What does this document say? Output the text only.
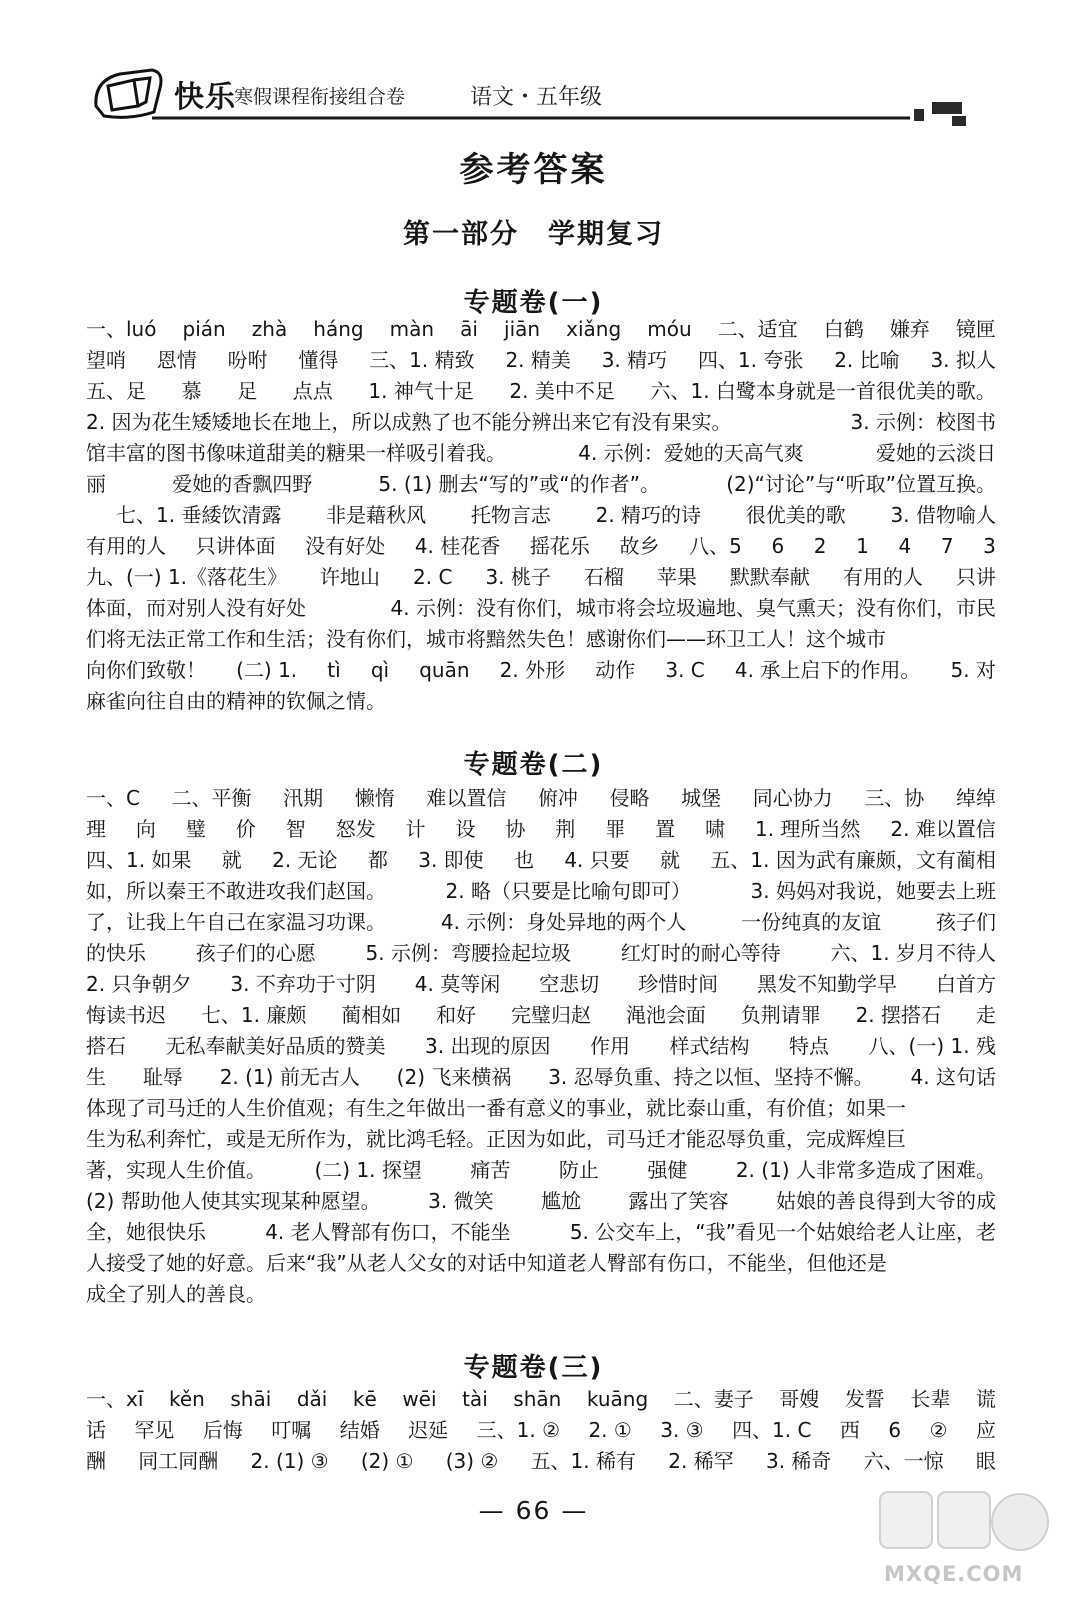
快乐
寒假课程衔接组合卷	语文・五年级
参考答案
第一部分　学期复习
专题卷(一)
一、luó pián zhà háng màn āi jiān xiǎng móu 二、适宜 白鹤 嫌弃 镜匣
望哨 恩情 吩咐 懂得 三、1. 精致 2. 精美 3. 精巧 四、1. 夸张 2. 比喻 3. 拟人
五、足 慕 足 点点 1. 神气十足 2. 美中不足 六、1. 白鹭本身就是一首很优美的歌。
2. 因为花生矮矮地长在地上，所以成熟了也不能分辨出来它有没有果实。	3. 示例：校图书
馆丰富的图书像味道甜美的糖果一样吸引着我。	4. 示例：爱她的天高气爽	爱她的云淡日
丽	爱她的香飘四野	5. (1) 删去“写的”或“的作者”。	(2)“讨论”与“听取”位置互换。
七、1. 垂緌饮清露 非是藉秋风 托物言志 2. 精巧的诗 很优美的歌 3. 借物喻人
有用的人 只讲体面 没有好处 4. 桂花香 摇花乐 故乡 八、5 6 2 1 4 7 3
九、(一) 1.《落花生》 许地山 2. C 3. 桃子 石榴 苹果 默默奉献 有用的人 只讲
体面，而对别人没有好处	4. 示例：没有你们，城市将会垃圾遍地、臭气熏天；没有你们，市民
们将无法正常工作和生活；没有你们，城市将黯然失色！感谢你们——环卫工人！这个城市
向你们致敬！ (二) 1. tì qì quān 2. 外形 动作 3. C 4. 承上启下的作用。 5. 对
麻雀向往自由的精神的钦佩之情。
专题卷(二)
一、C 二、平衡 汛期 懒惰 难以置信 俯冲 侵略 城堡 同心协力 三、协 绰绰
理 向 璧 价 智 怒发 计 设 协 荆 罪 置 啸 1. 理所当然 2. 难以置信
四、1. 如果 就 2. 无论 都 3. 即使 也 4. 只要 就 五、1. 因为武有廉颇，文有蔺相
如，所以秦王不敢进攻我们赵国。	2. 略（只要是比喻句即可）	3. 妈妈对我说，她要去上班
了，让我上午自己在家温习功课。	4. 示例：身处异地的两个人	一份纯真的友谊	孩子们
的快乐 孩子们的心愿 5. 示例：弯腰捡起垃圾 红灯时的耐心等待 六、1. 岁月不待人
2. 只争朝夕 3. 不弃功于寸阴 4. 莫等闲 空悲切 珍惜时间 黑发不知勤学早 白首方
悔读书迟 七、1. 廉颇 蔺相如 和好 完璧归赵 渑池会面 负荆请罪 2. 摆搭石 走
搭石 无私奉献美好品质的赞美 3. 出现的原因 作用 样式结构 特点 八、(一) 1. 残
生 耻辱 2. (1) 前无古人 (2) 飞来横祸 3. 忍辱负重、持之以恒、坚持不懈。 4. 这句话
体现了司马迁的人生价值观；有生之年做出一番有意义的事业，就比泰山重，有价值；如果一
生为私利奔忙，或是无所作为，就比鸿毛轻。正因为如此，司马迁才能忍辱负重，完成辉煌巨
著，实现人生价值。 (二) 1. 探望 痛苦 防止 强健 2. (1) 人非常多造成了困难。
(2) 帮助他人使其实现某种愿望。 3. 微笑 尴尬 露出了笑容 姑娘的善良得到大爷的成
全，她很快乐	4. 老人臀部有伤口，不能坐	5. 公交车上，“我”看见一个姑娘给老人让座，老
人接受了她的好意。后来“我”从老人父女的对话中知道老人臀部有伤口，不能坐，但他还是
成全了别人的善良。
专题卷(三)
一、xī kěn shāi dǎi kē wēi tài shān kuāng 二、妻子 哥嫂 发誓 长辈 谎
话 罕见 后悔 叮嘱 结婚 迟延 三、1. ② 2. ① 3. ③ 四、1. C 西 6 ② 应
酬 同工同酬 2. (1) ③ (2) ① (3) ② 五、1. 稀有 2. 稀罕 3. 稀奇 六、一惊 眼
— 66 —
MXQE.COM
